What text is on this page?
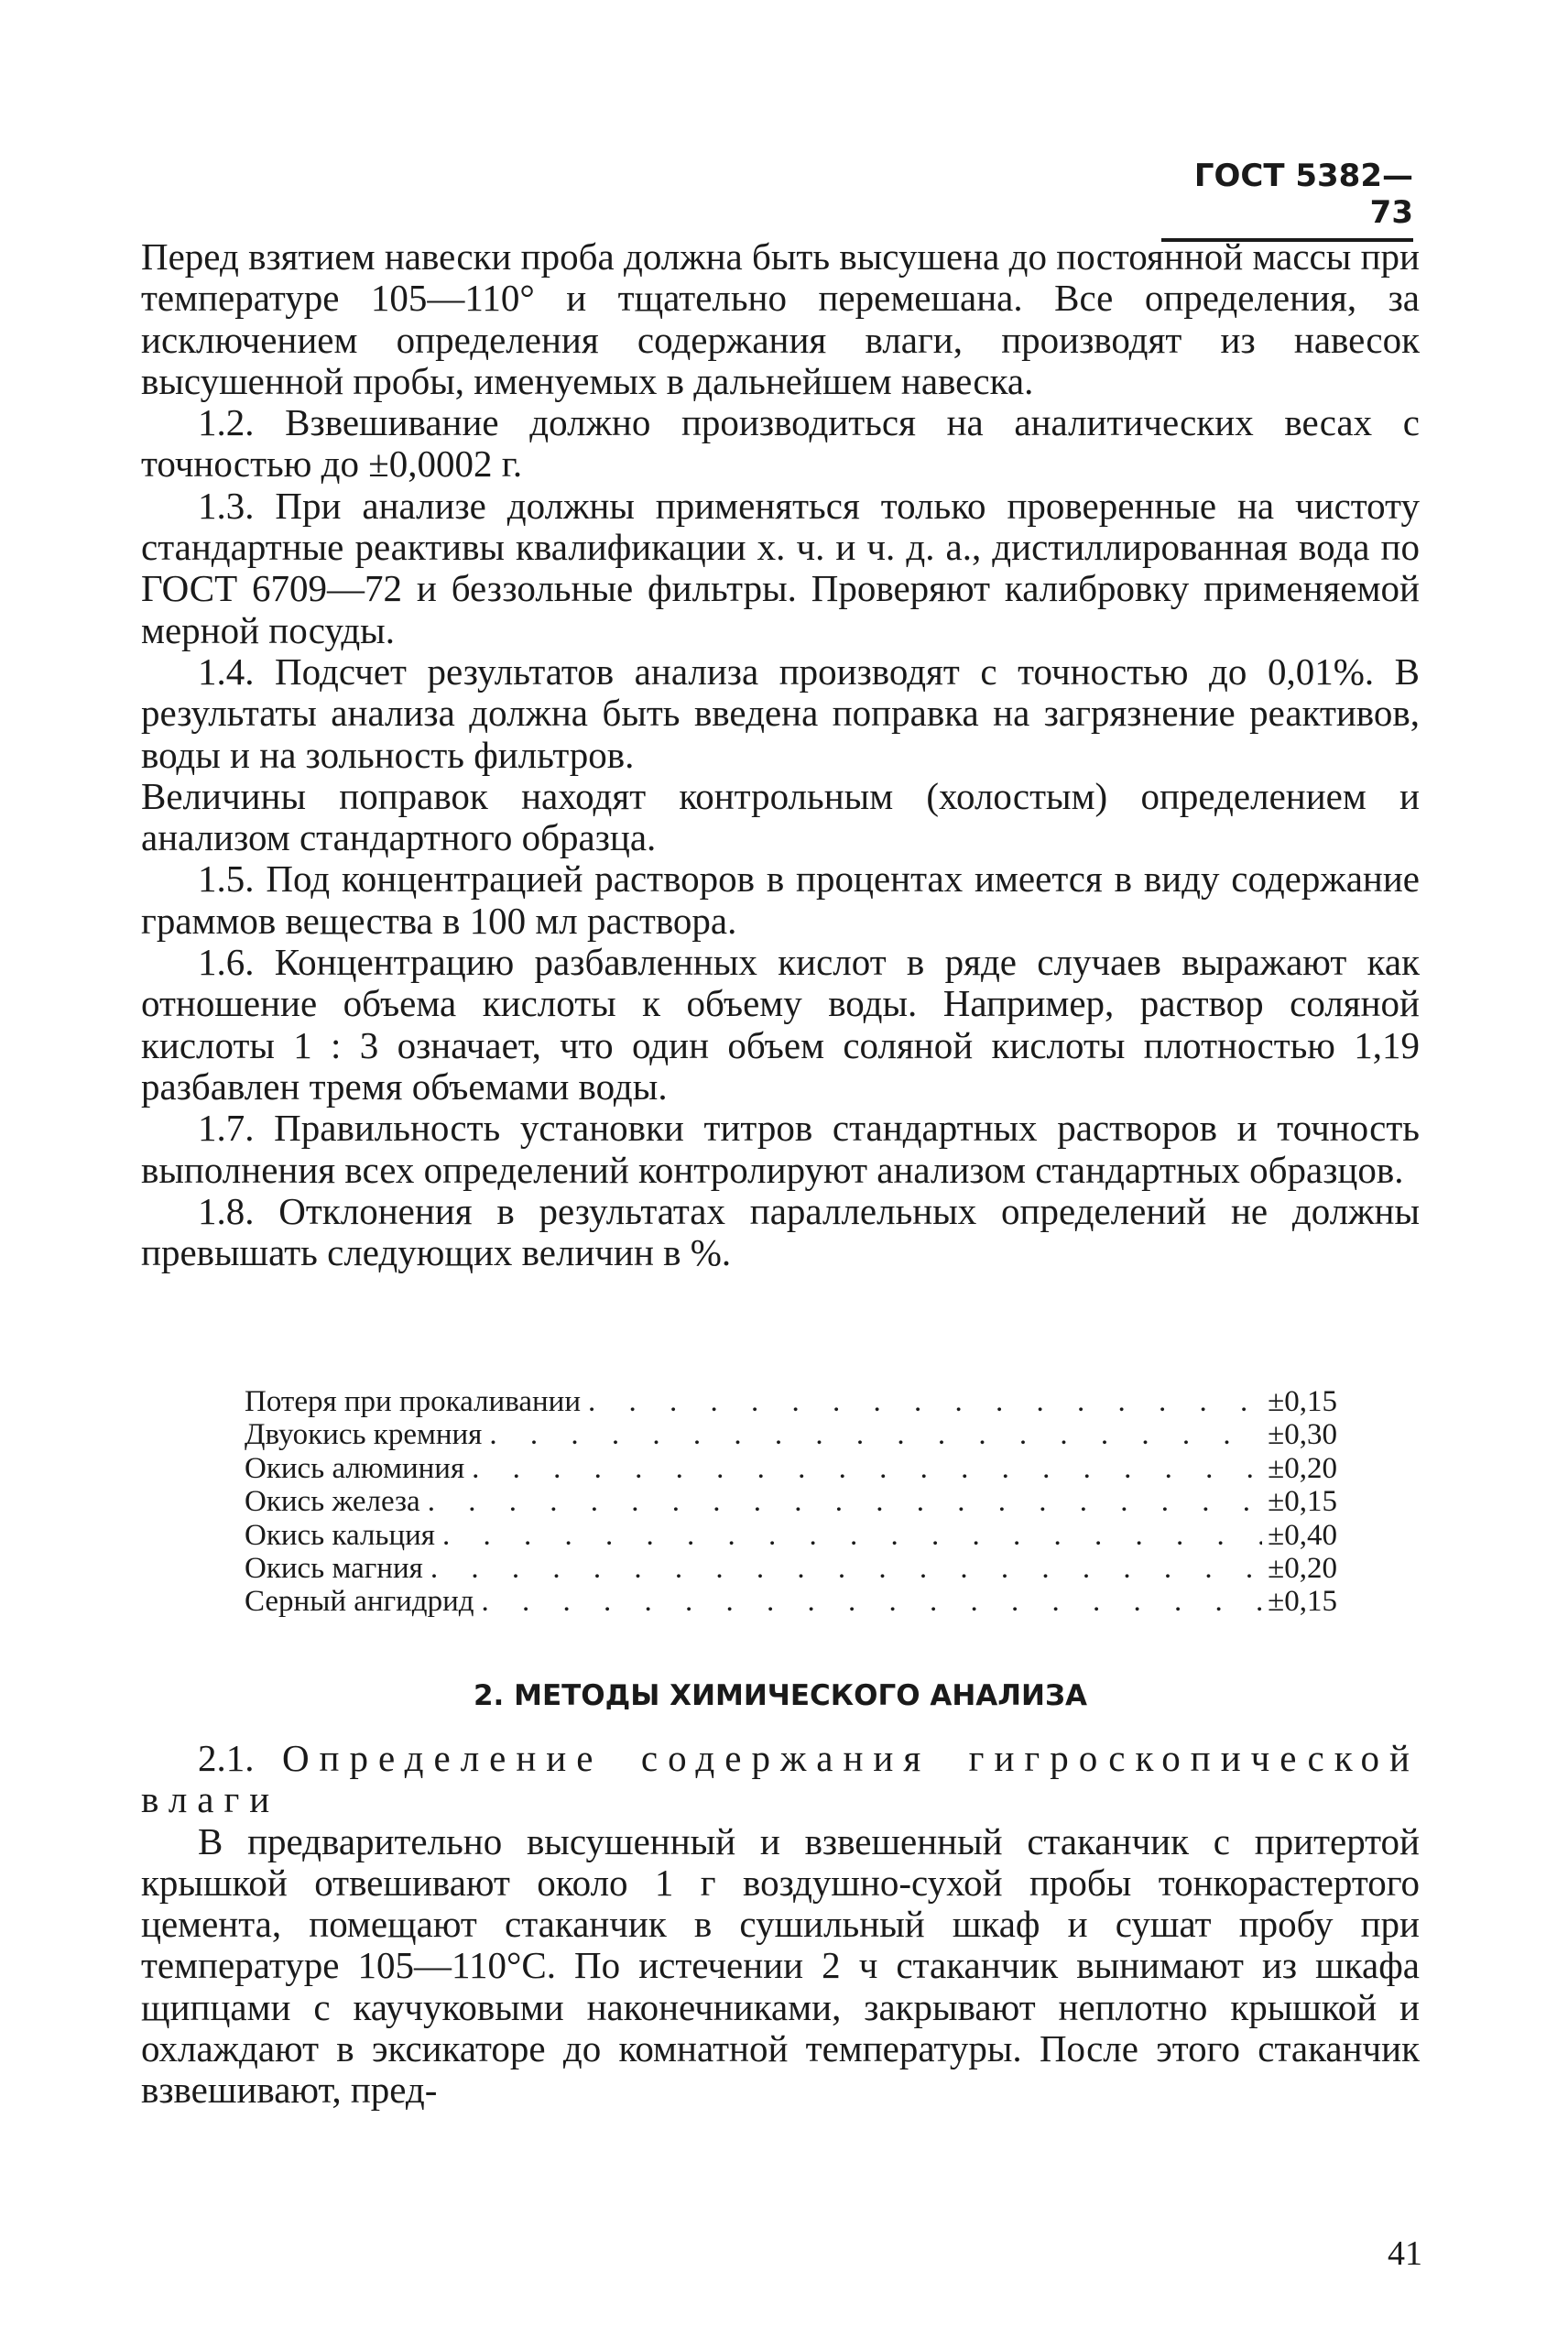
ГОСТ 5382—73

Перед взятием навески проба должна быть высушена до постоянной массы при температуре 105—110° и тщательно перемешана. Все определения, за исключением определения содержания влаги, производят из навесок высушенной пробы, именуемых в дальнейшем навеска.

1.2. Взвешивание должно производиться на аналитических весах с точностью до ±0,0002 г.

1.3. При анализе должны применяться только проверенные на чистоту стандартные реактивы квалификации х. ч. и ч. д. а., дистиллированная вода по ГОСТ 6709—72 и беззольные фильтры. Проверяют калибровку применяемой мерной посуды.

1.4. Подсчет результатов анализа производят с точностью до 0,01%. В результаты анализа должна быть введена поправка на загрязнение реактивов, воды и на зольность фильтров.

Величины поправок находят контрольным (холостым) определением и анализом стандартного образца.

1.5. Под концентрацией растворов в процентах имеется в виду содержание граммов вещества в 100 мл раствора.

1.6. Концентрацию разбавленных кислот в ряде случаев выражают как отношение объема кислоты к объему воды. Например, раствор соляной кислоты 1 : 3 означает, что один объем соляной кислоты плотностью 1,19 разбавлен тремя объемами воды.

1.7. Правильность установки титров стандартных растворов и точность выполнения всех определений контролируют анализом стандартных образцов.

1.8. Отклонения в результатах параллельных определений не должны превышать следующих величин в %.

Потеря при прокаливании . . .	±0,15
Двуокись кремния . . .	±0,30
Окись алюминия . . .	±0,20
Окись железа . . .	±0,15
Окись кальция . . .	±0,40
Окись магния . . .	±0,20
Серный ангидрид . . .	±0,15
2. МЕТОДЫ ХИМИЧЕСКОГО АНАЛИЗА

2.1. Определение содержания гигроскопической влаги

В предварительно высушенный и взвешенный стаканчик с притертой крышкой отвешивают около 1 г воздушно-сухой пробы тонкорастертого цемента, помещают стаканчик в сушильный шкаф и сушат пробу при температуре 105—110°С. По истечении 2 ч стаканчик вынимают из шкафа щипцами с каучуковыми наконечниками, закрывают неплотно крышкой и охлаждают в эксикаторе до комнатной температуры. После этого стаканчик взвешивают, пред-

41
